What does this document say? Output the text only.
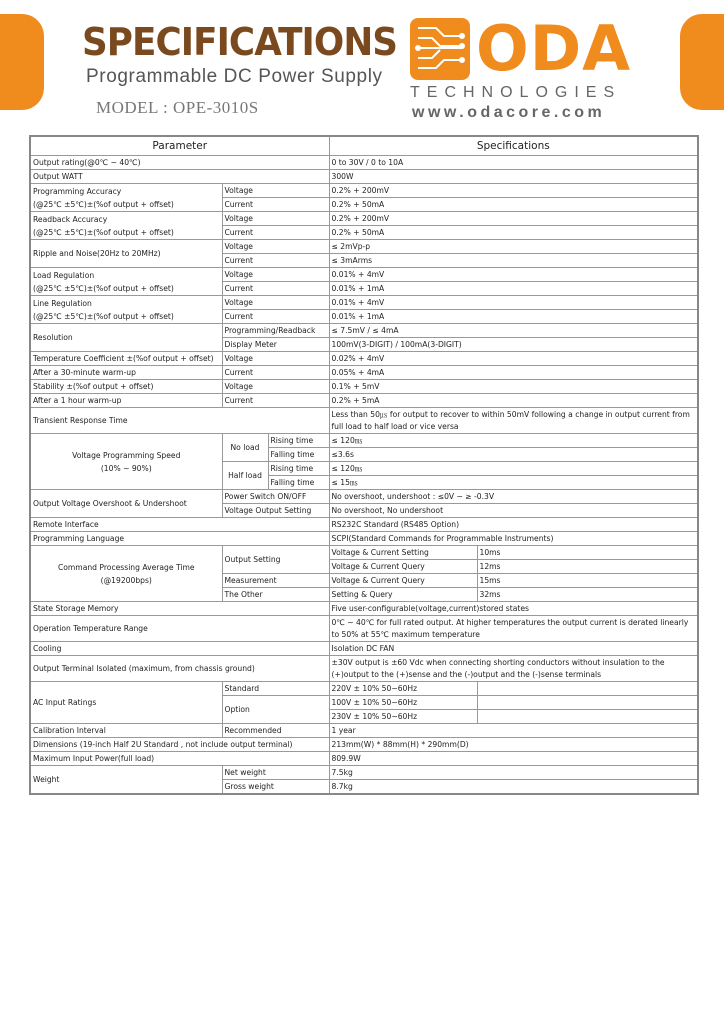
SPECIFICATIONS
Programmable DC Power Supply
MODEL : OPE-3010S
ODA
TECHNOLOGIES
www.odacore.com
Parameter			Specifications	
Output rating(@0℃ ~ 40℃)			0 to 30V / 0 to 10A	
Output WATT			300W	
Programming Accuracy
(@25℃ ±5℃)±(%of output + offset)	Voltage		0.2% + 200mV	
	Current		0.2% + 50mA	
Readback Accuracy
(@25℃ ±5℃)±(%of output + offset)	Voltage		0.2% + 200mV	
	Current		0.2% + 50mA	
Ripple and Noise(20Hz to 20MHz)	Voltage		≤ 2mVp-p	
	Current		≤ 3mArms	
Load Regulation
(@25℃ ±5℃)±(%of output + offset)	Voltage		0.01% + 4mV	
	Current		0.01% + 1mA	
Line Regulation
(@25℃ ±5℃)±(%of output + offset)	Voltage		0.01% + 4mV	
	Current		0.01% + 1mA	
Resolution	Programming/Readback		≤ 7.5mV / ≤ 4mA	
	Display Meter		100mV(3-DIGIT) / 100mA(3-DIGIT)	
Temperature Coefficient ±(%of output + offset)	Voltage		0.02% + 4mV	
After a 30-minute warm-up	Current		0.05% + 4mA	
Stability ±(%of output + offset)	Voltage		0.1% + 5mV	
After a 1 hour warm-up	Current		0.2% + 5mA	
Transient Response Time			Less than 50㎲ for output to recover to within 50mV following a change in output current from full load to half load or vice versa	
Voltage Programming Speed
(10% ~ 90%)	No load	Rising time	≤ 120㎳	
		Falling time	≤3.6s	
	Half load	Rising time	≤ 120㎳	
		Falling time	≤ 15㎳	
Output Voltage Overshoot & Undershoot	Power Switch ON/OFF		No overshoot, undershoot : ≤0V ~ ≥ -0.3V	
	Voltage Output Setting		No overshoot, No undershoot	
Remote Interface			RS232C Standard (RS485 Option)	
Programming Language			SCPI(Standard Commands for Programmable Instruments)	
Command Processing Average Time
(@19200bps)	Output Setting		Voltage & Current Setting	10ms
			Voltage & Current Query	12ms
	Measurement		Voltage & Current Query	15ms
	The Other		Setting & Query	32ms
State Storage Memory			Five user-configurable(voltage,current)stored states	
Operation Temperature Range			0℃ ~ 40℃ for full rated output. At higher temperatures the output current is derated linearly to 50% at 55℃ maximum temperature	
Cooling			Isolation DC FAN	
Output Terminal Isolated (maximum, from chassis ground)			±30V output is ±60 Vdc when connecting shorting conductors without insulation to the (+)output to the (+)sense and the (-)output and the (-)sense terminals	
AC Input Ratings	Standard		220V ± 10% 50~60Hz	
	Option		100V ± 10% 50~60Hz	
			230V ± 10% 50~60Hz	
Calibration Interval	Recommended		1 year	
Dimensions (19-inch Half 2U Standard , not include output terminal)			213mm(W) * 88mm(H) * 290mm(D)	
Maximum Input Power(full load)			809.9W	
Weight	Net weight		7.5kg	
	Gross weight		8.7kg	
